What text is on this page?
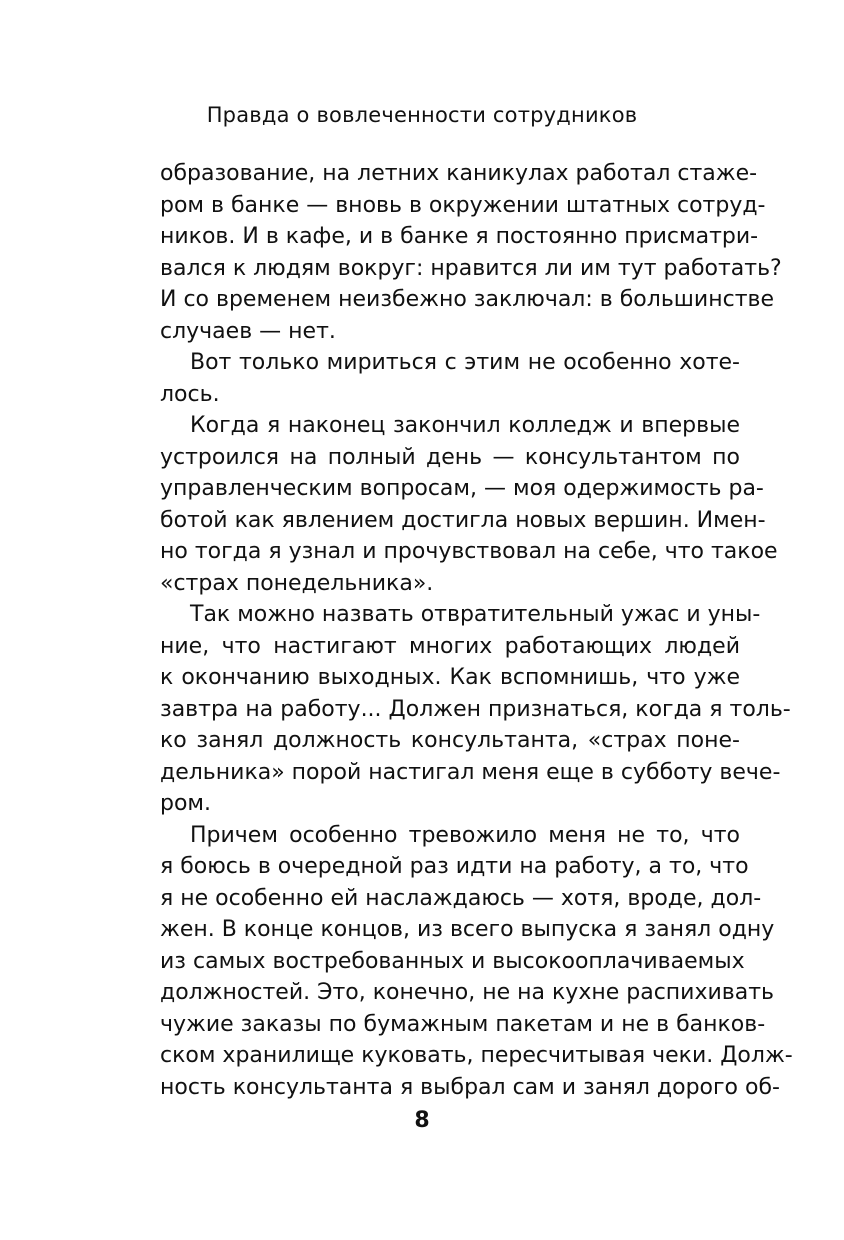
Правда о вовлеченности сотрудников
образование, на летних каникулах работал стаже-
ром в банке — вновь в окружении штатных сотруд-
ников. И в кафе, и в банке я постоянно присматри-
вался к людям вокруг: нравится ли им тут работать?
И со временем неизбежно заключал: в большинстве
случаев — нет.
Вот только мириться с этим не особенно хоте-
лось.
Когда я наконец закончил колледж и впервые
устроился на полный день — консультантом по
управленческим вопросам, — моя одержимость ра-
ботой как явлением достигла новых вершин. Имен-
но тогда я узнал и прочувствовал на себе, что такое
«страх понедельника».
Так можно назвать отвратительный ужас и уны-
ние, что настигают многих работающих людей
к окончанию выходных. Как вспомнишь, что уже
завтра на работу... Должен признаться, когда я толь-
ко занял должность консультанта, «страх поне-
дельника» порой настигал меня еще в субботу вече-
ром.
Причем особенно тревожило меня не то, что
я боюсь в очередной раз идти на работу, а то, что
я не особенно ей наслаждаюсь — хотя, вроде, дол-
жен. В конце концов, из всего выпуска я занял одну
из самых востребованных и высокооплачиваемых
должностей. Это, конечно, не на кухне распихивать
чужие заказы по бумажным пакетам и не в банков-
ском хранилище куковать, пересчитывая чеки. Долж-
ность консультанта я выбрал сам и занял дорого об-
8
